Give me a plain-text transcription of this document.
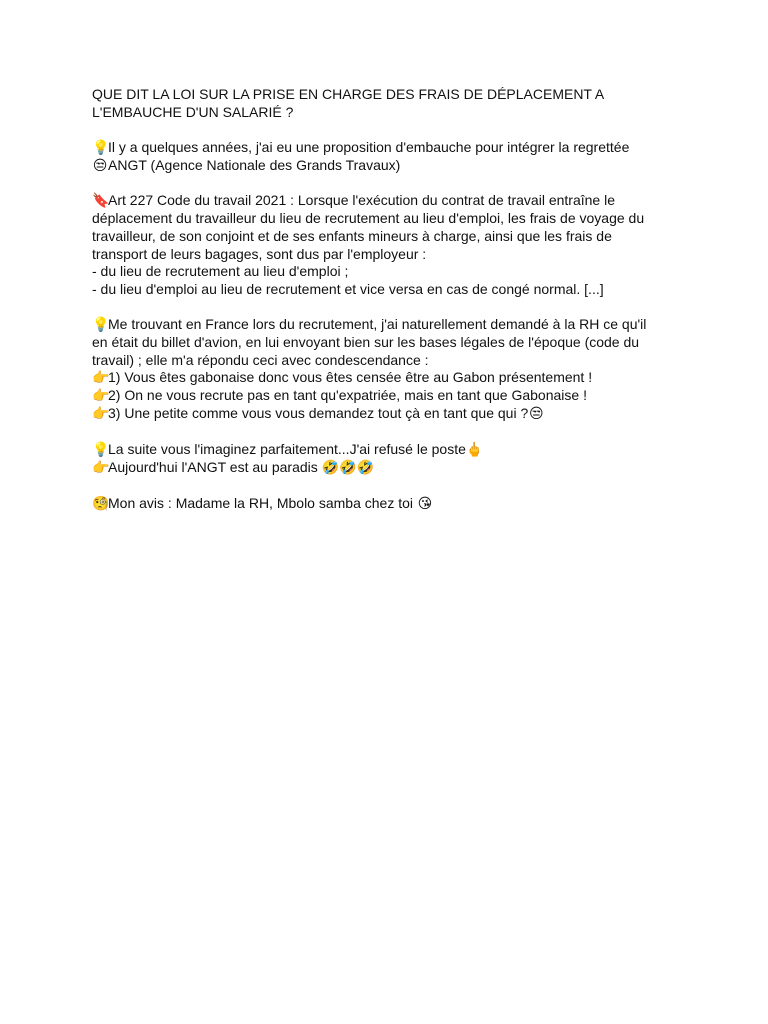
QUE DIT LA LOI SUR LA PRISE EN CHARGE DES FRAIS DE DÉPLACEMENT A
L'EMBAUCHE D'UN SALARIÉ ?
💡Il y a quelques années, j'ai eu une proposition d'embauche pour intégrer la regrettée
😒ANGT (Agence Nationale des Grands Travaux)
🔖Art 227 Code du travail 2021 : Lorsque l'exécution du contrat de travail entraîne le
déplacement du travailleur du lieu de recrutement au lieu d'emploi, les frais de voyage du
travailleur, de son conjoint et de ses enfants mineurs à charge, ainsi que les frais de
transport de leurs bagages, sont dus par l'employeur :
- du lieu de recrutement au lieu d'emploi ;
- du lieu d'emploi au lieu de recrutement et vice versa en cas de congé normal. [...]
💡Me trouvant en France lors du recrutement, j'ai naturellement demandé à la RH ce qu'il
en était du billet d'avion, en lui envoyant bien sur les bases légales de l'époque (code du
travail) ; elle m'a répondu ceci avec condescendance :
👉1) Vous êtes gabonaise donc vous êtes censée être au Gabon présentement !
👉2) On ne vous recrute pas en tant qu'expatriée, mais en tant que Gabonaise !
👉3) Une petite comme vous vous demandez tout çà en tant que qui ?😒
💡La suite vous l'imaginez parfaitement...J'ai refusé le poste🖕
👉Aujourd'hui l'ANGT est au paradis 🤣🤣🤣
🧐Mon avis : Madame la RH, Mbolo samba chez toi 😘
